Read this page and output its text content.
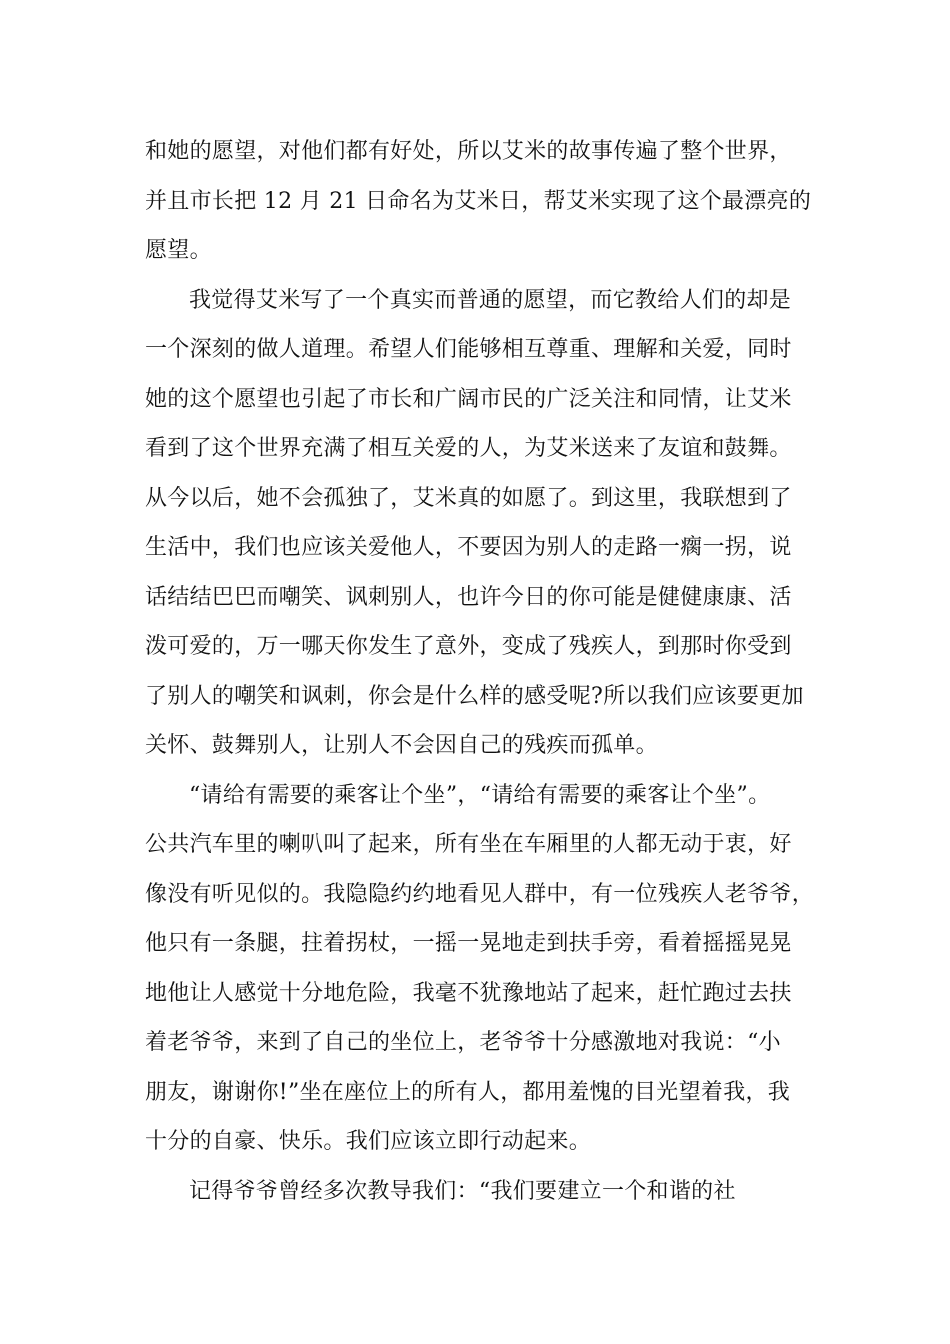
和她的愿望，对他们都有好处，所以艾米的故事传遍了整个世界，
并且市长把 12 月 21 日命名为艾米日，帮艾米实现了这个最漂亮的
愿望。
我觉得艾米写了一个真实而普通的愿望，而它教给人们的却是
一个深刻的做人道理。希望人们能够相互尊重、理解和关爱，同时
她的这个愿望也引起了市长和广阔市民的广泛关注和同情，让艾米
看到了这个世界充满了相互关爱的人，为艾米送来了友谊和鼓舞。
从今以后，她不会孤独了，艾米真的如愿了。到这里，我联想到了
生活中，我们也应该关爱他人，不要因为别人的走路一瘸一拐，说
话结结巴巴而嘲笑、讽刺别人，也许今日的你可能是健健康康、活
泼可爱的，万一哪天你发生了意外，变成了残疾人，到那时你受到
了别人的嘲笑和讽刺，你会是什么样的感受呢?所以我们应该要更加
关怀、鼓舞别人，让别人不会因自己的残疾而孤单。
“请给有需要的乘客让个坐”，“请给有需要的乘客让个坐”。
公共汽车里的喇叭叫了起来，所有坐在车厢里的人都无动于衷，好
像没有听见似的。我隐隐约约地看见人群中，有一位残疾人老爷爷，
他只有一条腿，拄着拐杖，一摇一晃地走到扶手旁，看着摇摇晃晃
地他让人感觉十分地危险，我毫不犹豫地站了起来，赶忙跑过去扶
着老爷爷，来到了自己的坐位上，老爷爷十分感激地对我说：“小
朋友，谢谢你!”坐在座位上的所有人，都用羞愧的目光望着我，我
十分的自豪、快乐。我们应该立即行动起来。
记得爷爷曾经多次教导我们：“我们要建立一个和谐的社
